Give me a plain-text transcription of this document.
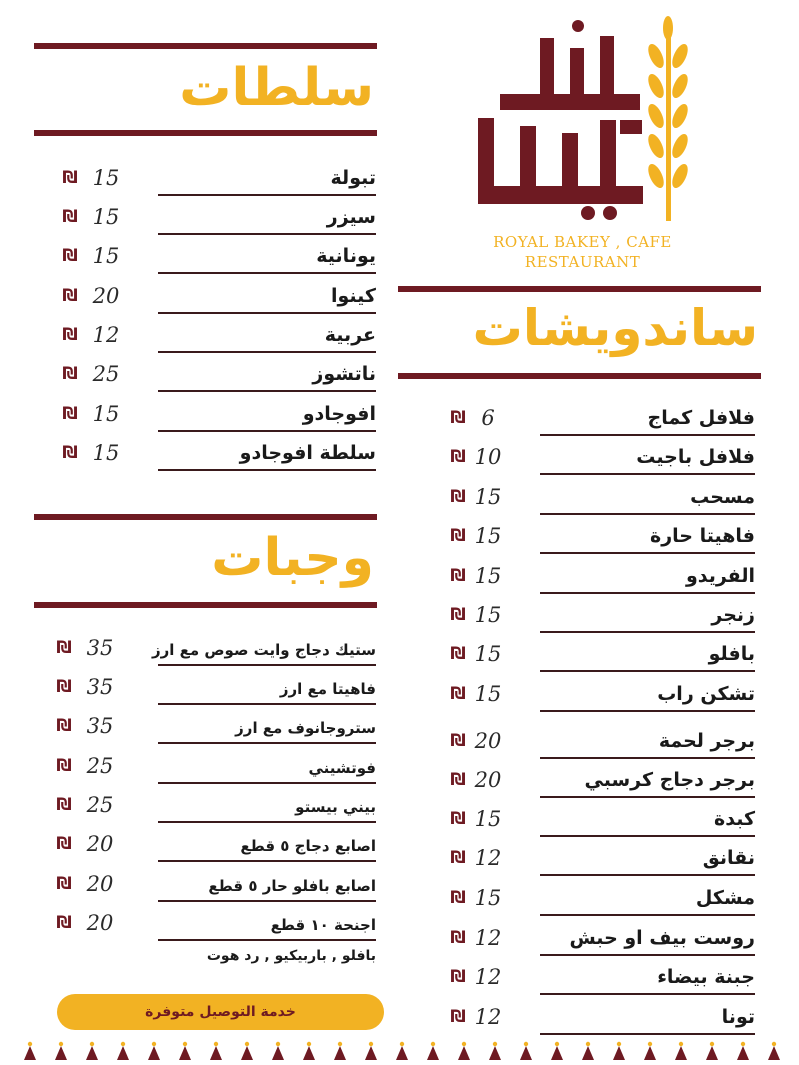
سلطات
تبولة
15
₪
سيزر
15
₪
يونانية
15
₪
كينوا
20
₪
عربية
12
₪
ناتشوز
25
₪
افوجادو
15
₪
سلطة افوجادو
15
₪
وجبات
ستيك دجاج وايت صوص مع ارز
35
₪
فاهيتا مع ارز
35
₪
ستروجانوف مع ارز
35
₪
فوتشيني
25
₪
بيني بيستو
25
₪
اصابع دجاج ٥ قطع
20
₪
اصابع بافلو حار ٥ قطع
20
₪
اجنحة ١٠ قطع
20
₪
بافلو , باربيكيو , رد هوت
خدمة التوصيل متوفرة
ROYAL BAKEY , CAFE
RESTAURANT
ساندويشات
فلافل كماج
6
₪
فلافل باجيت
10
₪
مسحب
15
₪
فاهيتا حارة
15
₪
الفريدو
15
₪
زنجر
15
₪
بافلو
15
₪
تشكن راب
15
₪
برجر لحمة
20
₪
برجر دجاج كرسبي
20
₪
كبدة
15
₪
نقانق
12
₪
مشكل
15
₪
روست بيف او حبش
12
₪
جبنة بيضاء
12
₪
تونا
12
₪
